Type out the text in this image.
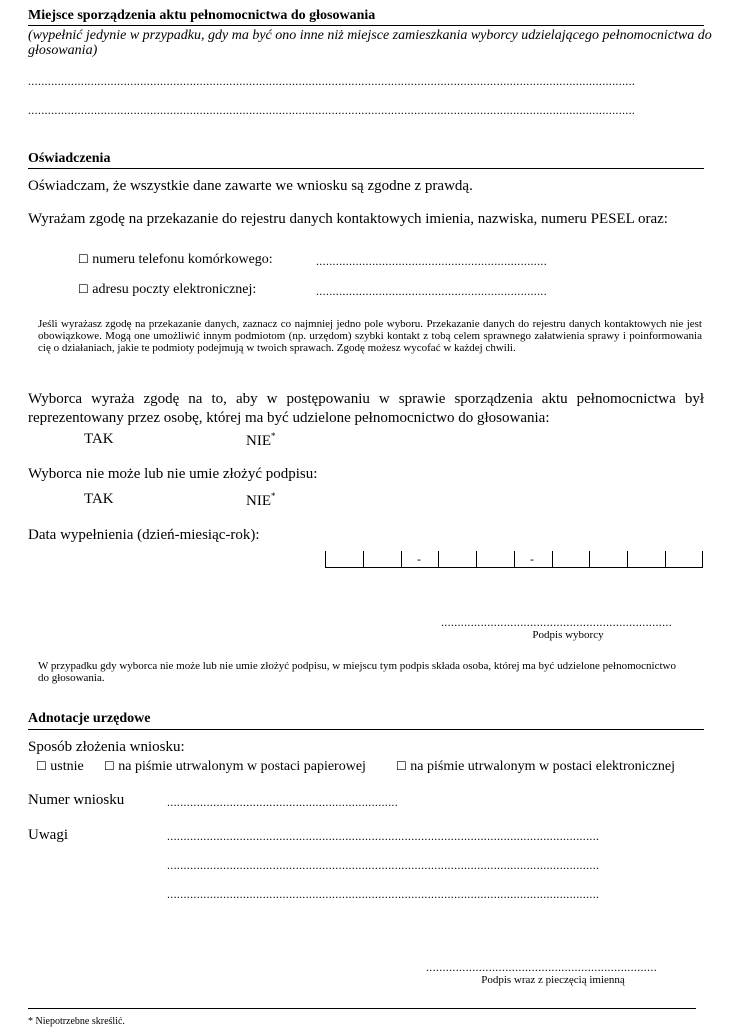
Miejsce sporządzenia aktu pełnomocnictwa do głosowania
(wypełnić jedynie w przypadku, gdy ma być ono inne niż miejsce zamieszkania wyborcy udzielającego pełnomocnictwa do głosowania)
........................................................................................................................................................................................
........................................................................................................................................................................................
Oświadczenia
Oświadczam, że wszystkie dane zawarte we wniosku są zgodne z prawdą.
Wyrażam zgodę na przekazanie do rejestru danych kontaktowych imienia, nazwiska, numeru PESEL oraz:
☐ numeru telefonu komórkowego:	......................................................................
☐ adresu poczty elektronicznej:	......................................................................
Jeśli wyrażasz zgodę na przekazanie danych, zaznacz co najmniej jedno pole wyboru. Przekazanie danych do rejestru danych kontaktowych nie jest obowiązkowe. Mogą one umożliwić innym podmiotom (np. urzędom) szybki kontakt z tobą celem sprawnego załatwienia sprawy i poinformowania cię o działaniach, jakie te podmioty podejmują w twoich sprawach. Zgodę możesz wycofać w każdej chwili.
Wyborca wyraża zgodę na to, aby w postępowaniu w sprawie sporządzenia aktu pełnomocnictwa był reprezentowany przez osobę, której ma być udzielone pełnomocnictwo do głosowania:
TAK	NIE*
Wyborca nie może lub nie umie złożyć podpisu:
TAK	NIE*
Data wypełnienia (dzień-miesiąc-rok):
-	-
......................................................................
Podpis wyborcy
W przypadku gdy wyborca nie może lub nie umie złożyć podpisu, w miejscu tym podpis składa osoba, której ma być udzielone pełnomocnictwo do głosowania.
Adnotacje urzędowe
Sposób złożenia wniosku:
☐ ustnie ☐ na piśmie utrwalonym w postaci papierowej	☐ na piśmie utrwalonym w postaci elektronicznej
Numer wniosku	......................................................................
Uwagi	...................................................................................................................................
...................................................................................................................................
...................................................................................................................................
......................................................................
Podpis wraz z pieczęcią imienną
* Niepotrzebne skreślić.
